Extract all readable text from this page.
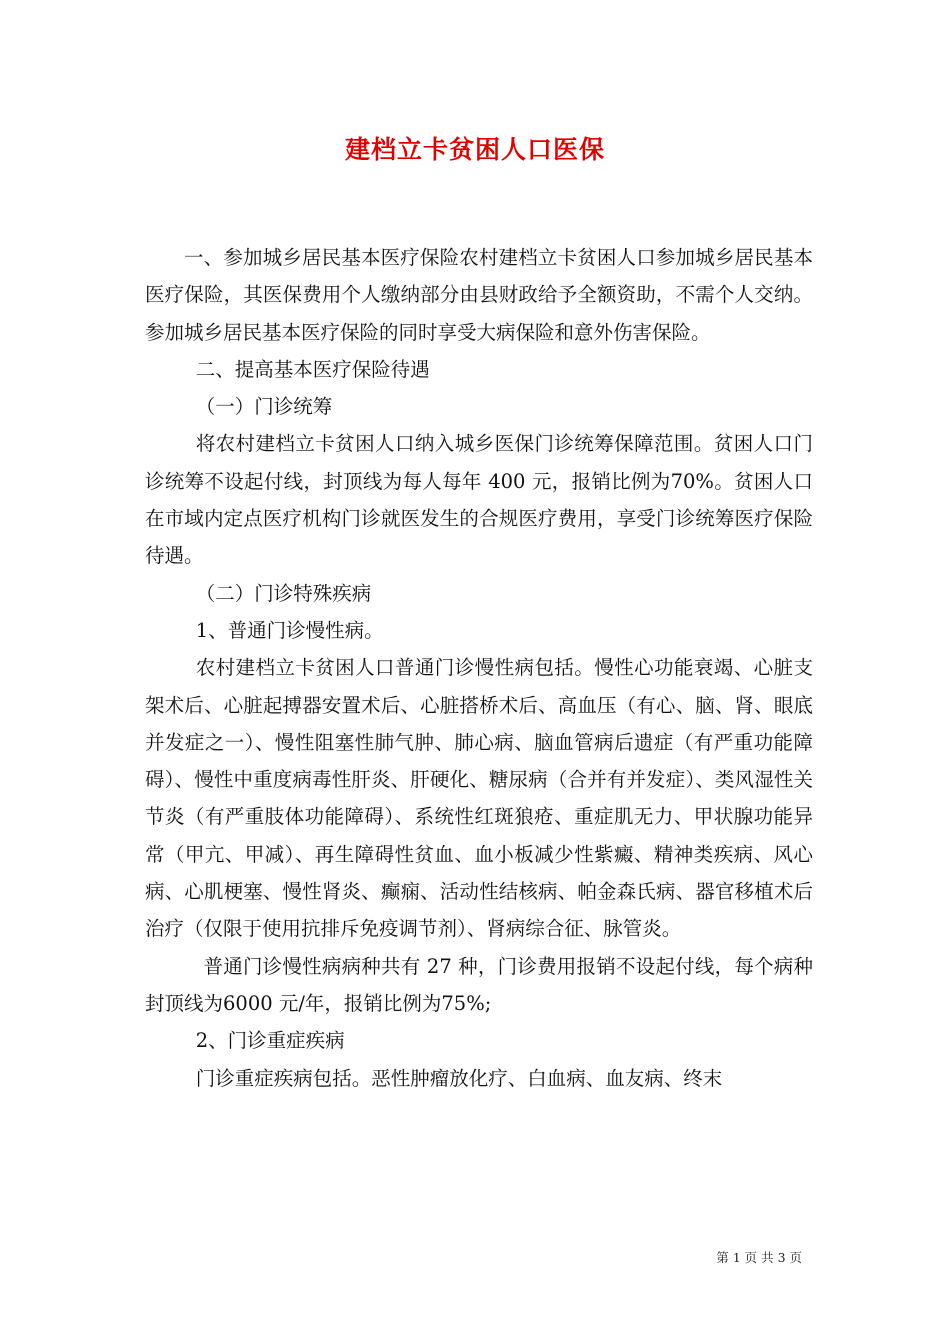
建档立卡贫困人口医保

一、参加城乡居民基本医疗保险农村建档立卡贫困人口参加城乡居民基本医疗保险，其医保费用个人缴纳部分由县财政给予全额资助，不需个人交纳。参加城乡居民基本医疗保险的同时享受大病保险和意外伤害保险。

二、提高基本医疗保险待遇

（一）门诊统筹

将农村建档立卡贫困人口纳入城乡医保门诊统筹保障范围。贫困人口门诊统筹不设起付线，封顶线为每人每年 400 元，报销比例为70%。贫困人口在市域内定点医疗机构门诊就医发生的合规医疗费用，享受门诊统筹医疗保险待遇。

（二）门诊特殊疾病

1、普通门诊慢性病。

农村建档立卡贫困人口普通门诊慢性病包括。慢性心功能衰竭、心脏支架术后、心脏起搏器安置术后、心脏搭桥术后、高血压（有心、脑、肾、眼底并发症之一）、慢性阻塞性肺气肿、肺心病、脑血管病后遗症（有严重功能障碍）、慢性中重度病毒性肝炎、肝硬化、糖尿病（合并有并发症）、类风湿性关节炎（有严重肢体功能障碍）、系统性红斑狼疮、重症肌无力、甲状腺功能异常（甲亢、甲减）、再生障碍性贫血、血小板减少性紫癜、精神类疾病、风心病、心肌梗塞、慢性肾炎、癫痫、活动性结核病、帕金森氏病、器官移植术后治疗（仅限于使用抗排斥免疫调节剂）、肾病综合征、脉管炎。

普通门诊慢性病病种共有 27 种，门诊费用报销不设起付线，每个病种封顶线为6000 元/年，报销比例为75%;

2、门诊重症疾病

门诊重症疾病包括。恶性肿瘤放化疗、白血病、血友病、终末

第 1 页 共 3 页
